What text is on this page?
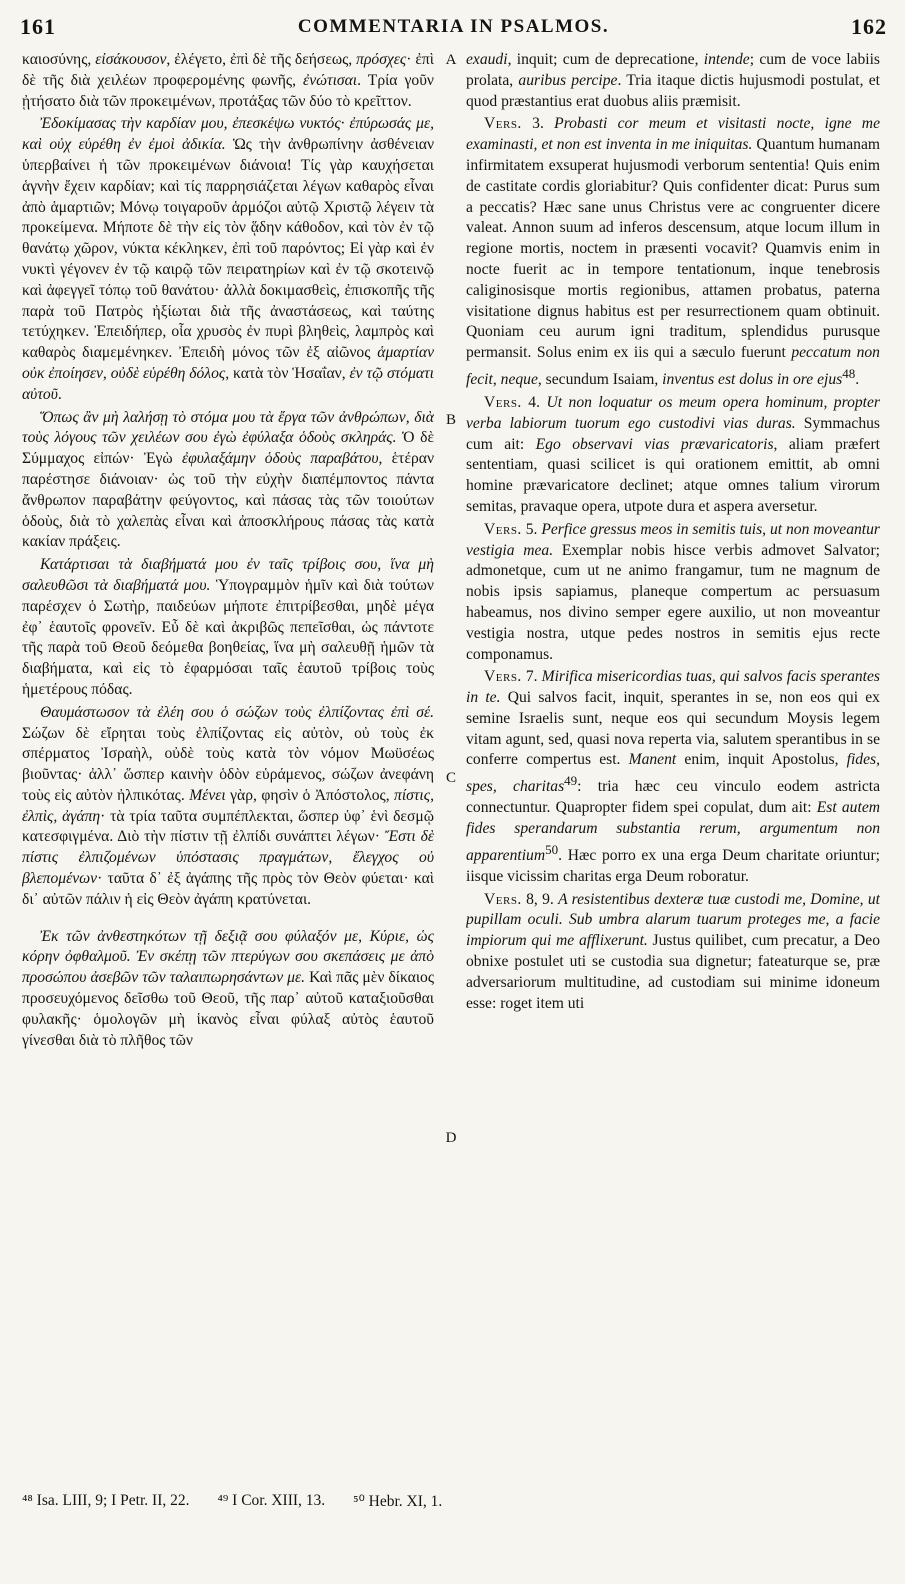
161	COMMENTARIA IN PSALMOS.	162

καιοσύνης, εἰσάκουσον, ἐλέγετο, ἐπὶ δὲ τῆς δεήσεως, πρόσχες· ἐπὶ δὲ τῆς διὰ χειλέων προφερομένης φωνῆς, ἐνώτισαι. Τρία γοῦν ᾐτήσατο διὰ τῶν προκειμένων, προτάξας τῶν δύο τὸ κρεῖττον.

Ἐδοκίμασας τὴν καρδίαν μου, ἐπεσκέψω νυκτός· ἐπύρωσάς με, καὶ οὐχ εὑρέθη ἐν ἐμοὶ ἀδικία. Ὡς τὴν ἀνθρωπίνην ἀσθένειαν ὑπερβαίνει ἡ τῶν προκειμένων διάνοια! Τίς γὰρ καυχήσεται ἁγνὴν ἔχειν καρδίαν; καὶ τίς παρρησιάζεται λέγων καθαρὸς εἶναι ἀπὸ ἁμαρτιῶν; Μόνῳ τοιγαροῦν ἁρμόζοι αὐτῷ Χριστῷ λέγειν τὰ προκείμενα. Μήποτε δὲ τὴν εἰς τὸν ᾅδην κάθοδον, καὶ τὸν ἐν τῷ θανάτῳ χῶρον, νύκτα κέκληκεν, ἐπὶ τοῦ παρόντος; Εἰ γὰρ καὶ ἐν νυκτὶ γέγονεν ἐν τῷ καιρῷ τῶν πειρατηρίων καὶ ἐν τῷ σκοτεινῷ καὶ ἀφεγγεῖ τόπῳ τοῦ θανάτου· ἀλλὰ δοκιμασθεὶς, ἐπισκοπῆς τῆς παρὰ τοῦ Πατρὸς ἠξίωται διὰ τῆς ἀναστάσεως, καὶ ταύτης τετύχηκεν. Ἐπειδήπερ, οἷα χρυσὸς ἐν πυρὶ βληθεὶς, λαμπρὸς καὶ καθαρὸς διαμεμένηκεν. Ἐπειδὴ μόνος τῶν ἐξ αἰῶνος ἁμαρτίαν οὐκ ἐποίησεν, οὐδὲ εὑρέθη δόλος, κατὰ τὸν Ἡσαΐαν, ἐν τῷ στόματι αὐτοῦ.

Ὅπως ἂν μὴ λαλήσῃ τὸ στόμα μου τὰ ἔργα τῶν ἀνθρώπων, διὰ τοὺς λόγους τῶν χειλέων σου ἐγὼ ἐφύλαξα ὁδοὺς σκληράς. Ὁ δὲ Σύμμαχος εἰπών· Ἐγὼ ἐφυλαξάμην ὁδοὺς παραβάτου, ἑτέραν παρέστησε διάνοιαν· ὡς τοῦ τὴν εὐχὴν διαπέμποντος πάντα ἄνθρωπον παραβάτην φεύγοντος, καὶ πάσας τὰς τῶν τοιούτων ὁδοὺς, διὰ τὸ χαλεπὰς εἶναι καὶ ἀποσκλήρους πάσας τὰς κατὰ κακίαν πράξεις.

Κατάρτισαι τὰ διαβήματά μου ἐν ταῖς τρίβοις σου, ἵνα μὴ σαλευθῶσι τὰ διαβήματά μου. Ὑπογραμμὸν ἡμῖν καὶ διὰ τούτων παρέσχεν ὁ Σωτὴρ, παιδεύων μήποτε ἐπιτρίβεσθαι, μηδὲ μέγα ἐφ᾽ ἑαυτοῖς φρονεῖν. Εὖ δὲ καὶ ἀκριβῶς πεπεῖσθαι, ὡς πάντοτε τῆς παρὰ τοῦ Θεοῦ δεόμεθα βοηθείας, ἵνα μὴ σαλευθῇ ἡμῶν τὰ διαβήματα, καὶ εἰς τὸ ἐφαρμόσαι ταῖς ἑαυτοῦ τρίβοις τοὺς ἡμετέρους πόδας.

Θαυμάστωσον τὰ ἐλέη σου ὁ σώζων τοὺς ἐλπίζοντας ἐπὶ σέ. Σώζων δὲ εἴρηται τοὺς ἐλπίζοντας εἰς αὐτὸν, οὐ τοὺς ἐκ σπέρματος Ἰσραὴλ, οὐδὲ τοὺς κατὰ τὸν νόμον Μωϋσέως βιοῦντας· ἀλλ᾽ ὥσπερ καινὴν ὁδὸν εὑράμενος, σώζων ἀνεφάνη τοὺς εἰς αὐτὸν ἠλπικότας. Μένει γὰρ, φησὶν ὁ Ἀπόστολος, πίστις, ἐλπὶς, ἀγάπη· τὰ τρία ταῦτα συμπέπλεκται, ὥσπερ ὑφ᾽ ἑνὶ δεσμῷ κατεσφιγμένα. Διὸ τὴν πίστιν τῇ ἐλπίδι συνάπτει λέγων· Ἔστι δὲ πίστις ἐλπιζομένων ὑπόστασις πραγμάτων, ἔλεγχος οὐ βλεπομένων· ταῦτα δ᾽ ἐξ ἀγάπης τῆς πρὸς τὸν Θεὸν φύεται· καὶ δι᾽ αὐτῶν πάλιν ἡ εἰς Θεὸν ἀγάπη κρατύνεται.

Ἐκ τῶν ἀνθεστηκότων τῇ δεξιᾷ σου φύλαξόν με, Κύριε, ὡς κόρην ὀφθαλμοῦ. Ἐν σκέπῃ τῶν πτερύγων σου σκεπάσεις με ἀπὸ προσώπου ἀσεβῶν τῶν ταλαιπωρησάντων με. Καὶ πᾶς μὲν δίκαιος προσευχόμενος δεῖσθω τοῦ Θεοῦ, τῆς παρ᾽ αὐτοῦ καταξιοῦσθαι φυλακῆς· ὁμολογῶν μὴ ἱκανὸς εἶναι φύλαξ αὐτὸς ἑαυτοῦ γίνεσθαι διὰ τὸ πλῆθος τῶν

A
B
C
D

exaudi, inquit; cum de deprecatione, intende; cum de voce labiis prolata, auribus percipe. Tria itaque dictis hujusmodi postulat, et quod præstantius erat duobus aliis præmisit.

Vers. 3. Probasti cor meum et visitasti nocte, igne me examinasti, et non est inventa in me iniquitas. Quantum humanam infirmitatem exsuperat hujusmodi verborum sententia! Quis enim de castitate cordis gloriabitur? Quis confidenter dicat: Purus sum a peccatis? Hæc sane unus Christus vere ac congruenter dicere valeat. Annon suum ad inferos descensum, atque locum illum in regione mortis, noctem in præsenti vocavit? Quamvis enim in nocte fuerit ac in tempore tentationum, inque tenebrosis caliginosisque mortis regionibus, attamen probatus, paterna visitatione dignus habitus est per resurrectionem quam obtinuit. Quoniam ceu aurum igni traditum, splendidus purusque permansit. Solus enim ex iis qui a sæculo fuerunt peccatum non fecit, neque, secundum Isaiam, inventus est dolus in ore ejus$^{48}$.

Vers. 4. Ut non loquatur os meum opera hominum, propter verba labiorum tuorum ego custodivi vias duras. Symmachus cum ait: Ego observavi vias prævaricatoris, aliam præfert sententiam, quasi scilicet is qui orationem emittit, ab omni homine prævaricatore declinet; atque omnes talium virorum semitas, pravaque opera, utpote dura et aspera aversetur.

Vers. 5. Perfice gressus meos in semitis tuis, ut non moveantur vestigia mea. Exemplar nobis hisce verbis admovet Salvator; admonetque, cum ut ne animo frangamur, tum ne magnum de nobis ipsis sapiamus, planeque compertum ac persuasum habeamus, nos divino semper egere auxilio, ut non moveantur vestigia nostra, utque pedes nostros in semitis ejus recte componamus.

Vers. 7. Mirifica misericordias tuas, qui salvos facis sperantes in te. Qui salvos facit, inquit, sperantes in se, non eos qui ex semine Israelis sunt, neque eos qui secundum Moysis legem vitam agunt, sed, quasi nova reperta via, salutem sperantibus in se conferre compertus est. Manent enim, inquit Apostolus, fides, spes, charitas$^{49}$: tria hæc ceu vinculo eodem astricta connectuntur. Quapropter fidem spei copulat, dum ait: Est autem fides sperandarum substantia rerum, argumentum non apparentium$^{50}$. Hæc porro ex una erga Deum charitate oriuntur; iisque vicissim charitas erga Deum roboratur.

Vers. 8, 9. A resistentibus dexteræ tuæ custodi me, Domine, ut pupillam oculi. Sub umbra alarum tuarum proteges me, a facie impiorum qui me afflixerunt. Justus quilibet, cum precatur, a Deo obnixe postulet uti se custodia sua dignetur; fateaturque se, præ adversariorum multitudine, ad custodiam sui minime idoneum esse: roget item uti

⁴⁸ Isa. LIII, 9; I Petr. II, 22. ⁴⁹ I Cor. XIII, 13. ⁵⁰ Hebr. XI, 1.
